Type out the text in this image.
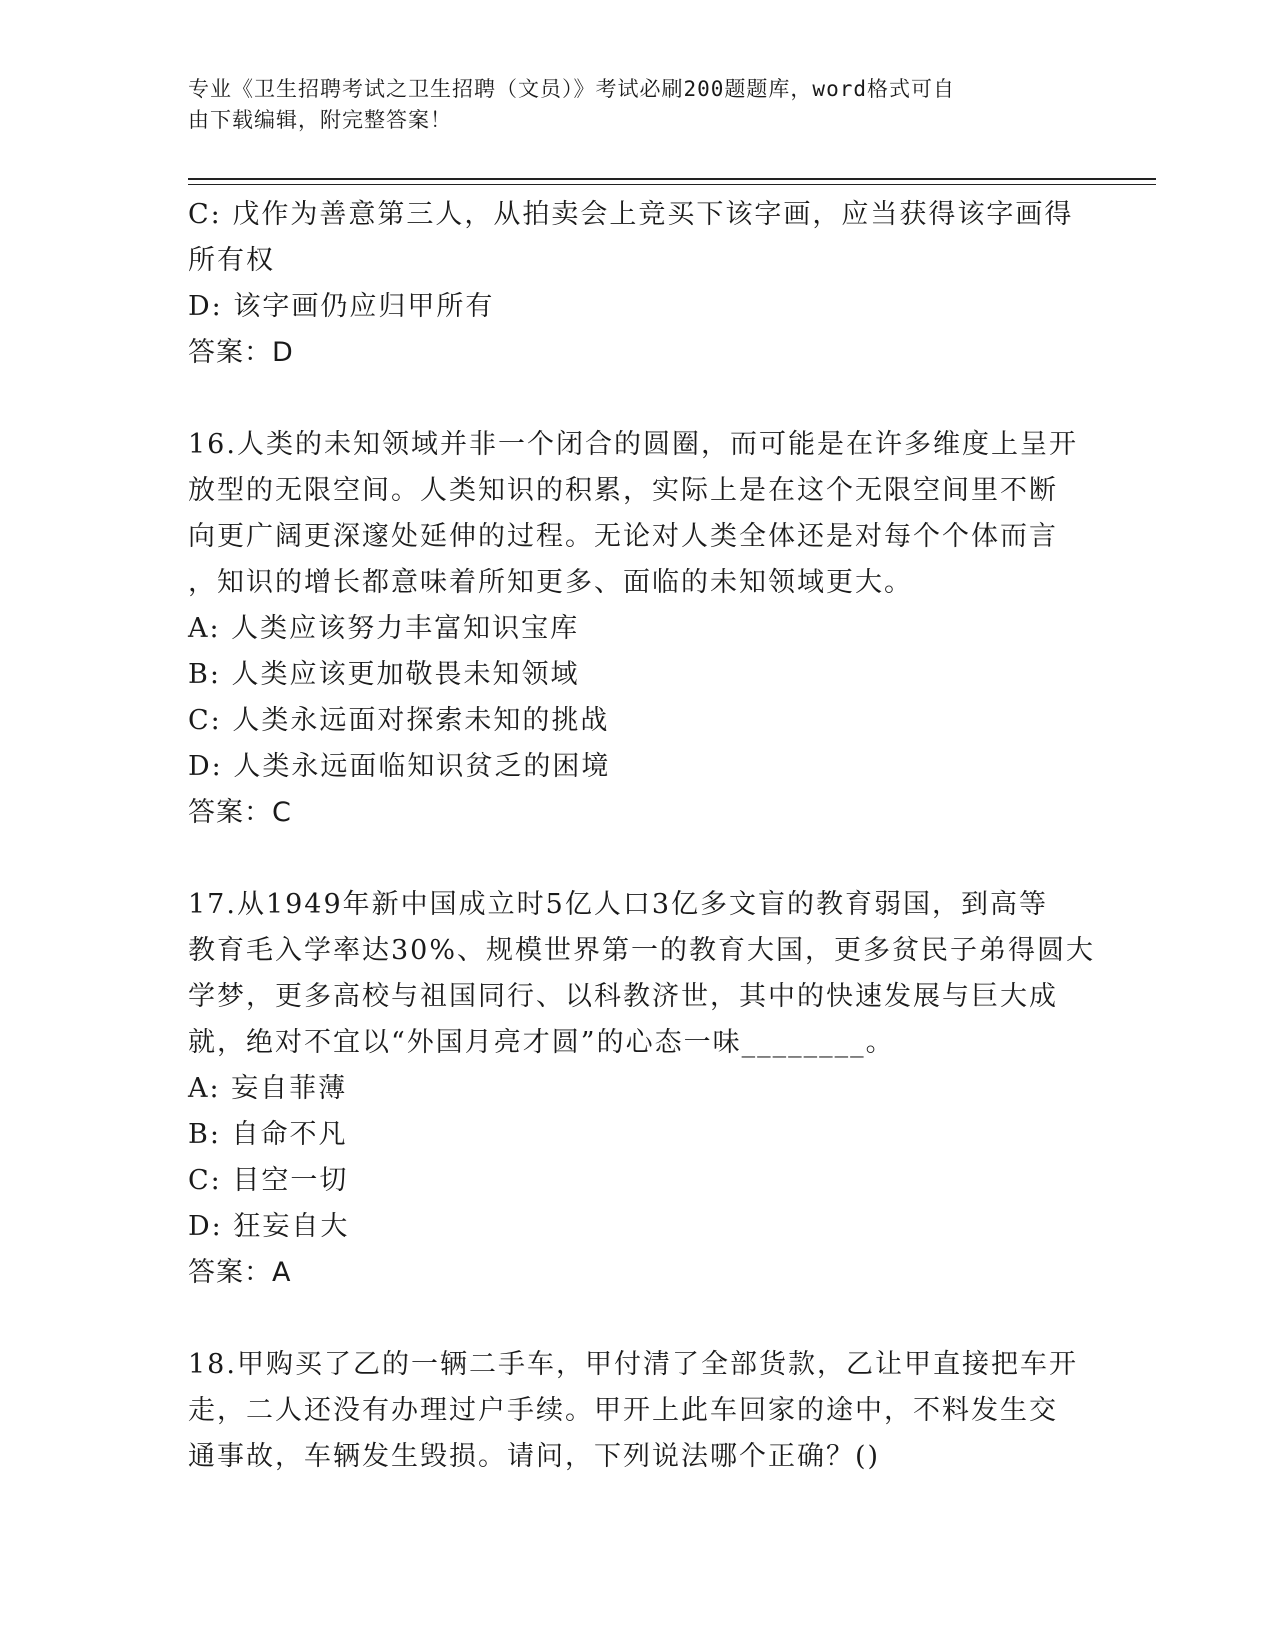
专业《卫生招聘考试之卫生招聘（文员）》考试必刷200题题库，word格式可自
由下载编辑，附完整答案！
C: 戊作为善意第三人，从拍卖会上竞买下该字画，应当获得该字画得
所有权
D: 该字画仍应归甲所有
答案：D
16.人类的未知领域并非一个闭合的圆圈，而可能是在许多维度上呈开
放型的无限空间。人类知识的积累，实际上是在这个无限空间里不断
向更广阔更深邃处延伸的过程。无论对人类全体还是对每个个体而言
，知识的增长都意味着所知更多、面临的未知领域更大。
A: 人类应该努力丰富知识宝库
B: 人类应该更加敬畏未知领域
C: 人类永远面对探索未知的挑战
D: 人类永远面临知识贫乏的困境
答案：C
17.从1949年新中国成立时5亿人口3亿多文盲的教育弱国，到高等
教育毛入学率达30%、规模世界第一的教育大国，更多贫民子弟得圆大
学梦，更多高校与祖国同行、以科教济世，其中的快速发展与巨大成
就，绝对不宜以“外国月亮才圆”的心态一味________。
A: 妄自菲薄
B: 自命不凡
C: 目空一切
D: 狂妄自大
答案：A
18.甲购买了乙的一辆二手车，甲付清了全部货款，乙让甲直接把车开
走，二人还没有办理过户手续。甲开上此车回家的途中，不料发生交
通事故，车辆发生毁损。请问，下列说法哪个正确？()
